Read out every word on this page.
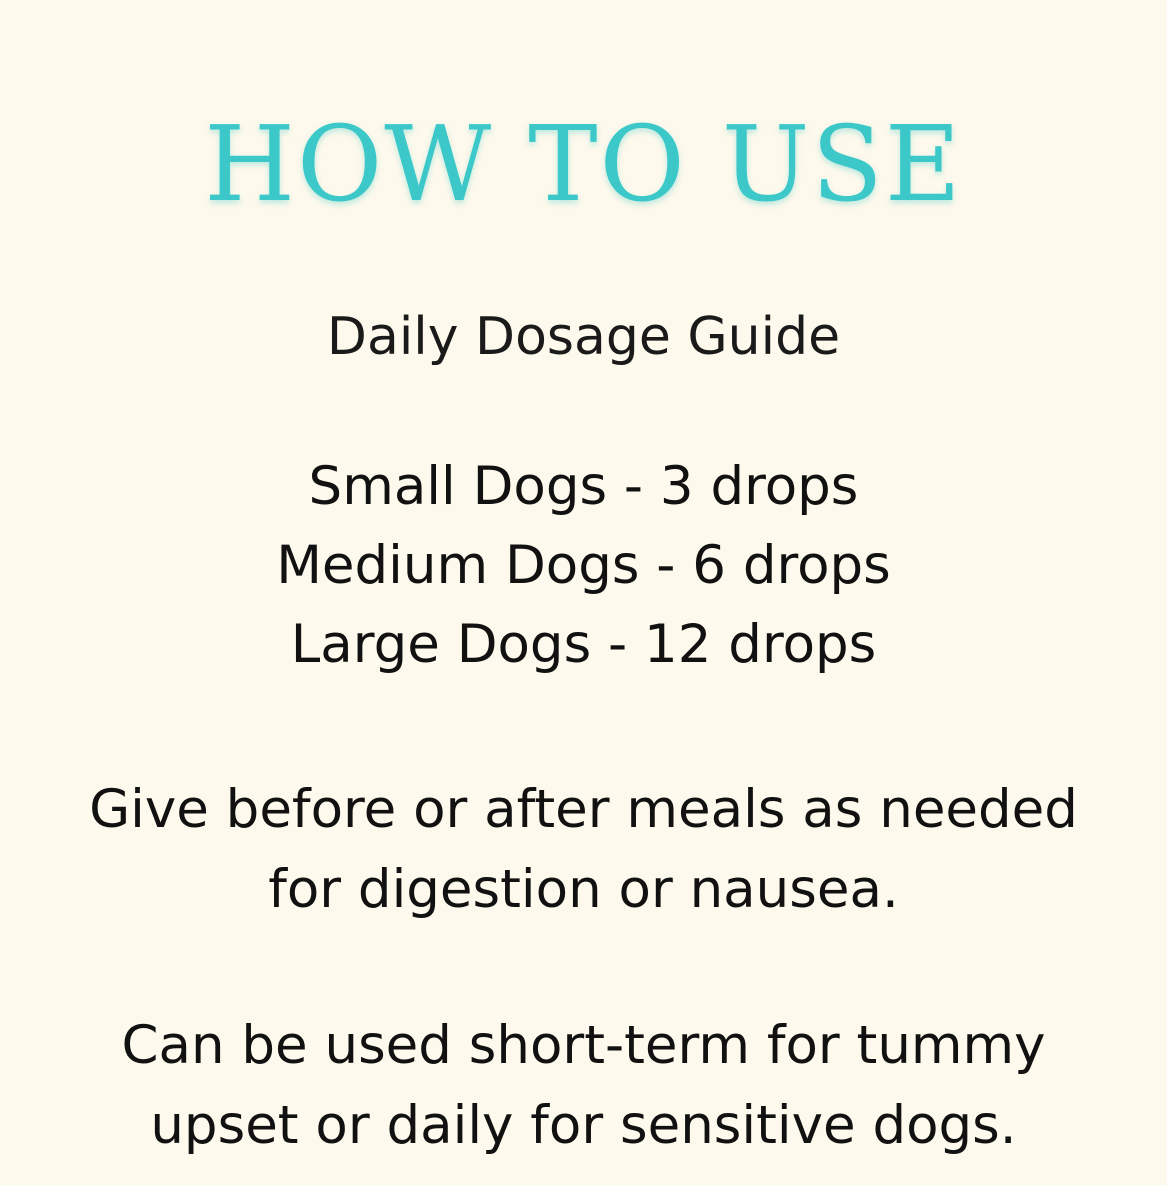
HOW TO USE
Daily Dosage Guide
Small Dogs - 3 drops
Medium Dogs - 6 drops
Large Dogs - 12 drops
Give before or after meals as needed for digestion or nausea.
Can be used short-term for tummy upset or daily for sensitive dogs.
